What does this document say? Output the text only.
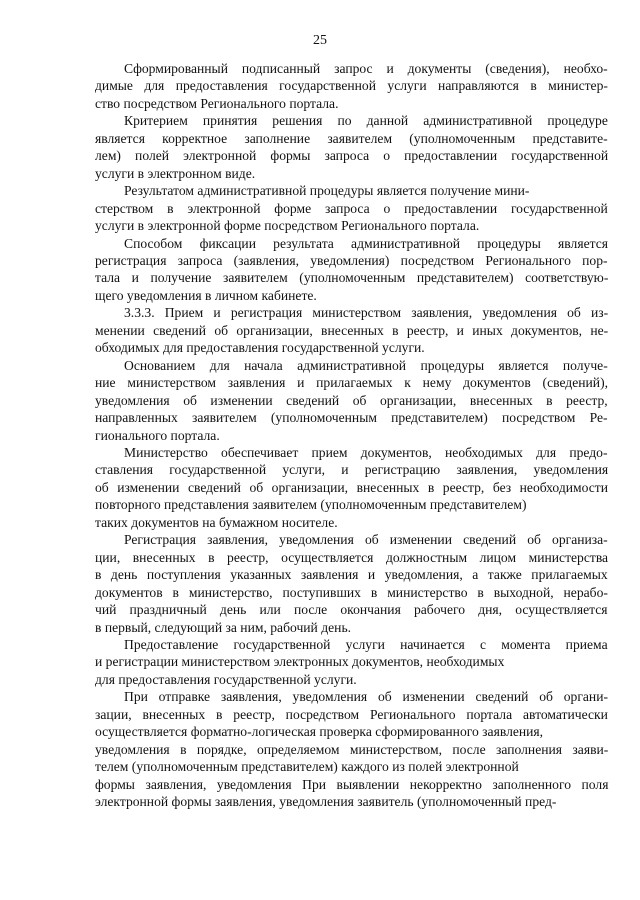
25

Сформированный подписанный запрос и документы (сведения), необхо-
димые для предоставления государственной услуги направляются в министер-
ство посредством Регионального портала.

Критерием принятия решения по данной административной процедуре
является корректное заполнение заявителем (уполномоченным представите-
лем) полей электронной формы запроса о предоставлении государственной
услуги в электронном виде.

Результатом административной процедуры является получение мини-
стерством в электронной форме запроса о предоставлении государственной
услуги в электронной форме посредством Регионального портала.

Способом фиксации результата административной процедуры является
регистрация запроса (заявления, уведомления) посредством Регионального пор-
тала и получение заявителем (уполномоченным представителем) соответствую-
щего уведомления в личном кабинете.

3.3.3. Прием и регистрация министерством заявления, уведомления об из-
менении сведений об организации, внесенных в реестр, и иных документов, не-
обходимых для предоставления государственной услуги.

Основанием для начала административной процедуры является получе-
ние министерством заявления и прилагаемых к нему документов (сведений),
уведомления об изменении сведений об организации, внесенных в реестр,
направленных заявителем (уполномоченным представителем) посредством Ре-
гионального портала.

Министерство обеспечивает прием документов, необходимых для предо-
ставления государственной услуги, и регистрацию заявления, уведомления
об изменении сведений об организации, внесенных в реестр, без необходимости
повторного представления заявителем (уполномоченным представителем)
таких документов на бумажном носителе.

Регистрация заявления, уведомления об изменении сведений об организа-
ции, внесенных в реестр, осуществляется должностным лицом министерства
в день поступления указанных заявления и уведомления, а также прилагаемых
документов в министерство, поступивших в министерство в выходной, нерабо-
чий праздничный день или после окончания рабочего дня, осуществляется
в первый, следующий за ним, рабочий день.

Предоставление государственной услуги начинается с момента приема
и регистрации министерством электронных документов, необходимых
для предоставления государственной услуги.

При отправке заявления, уведомления об изменении сведений об органи-
зации, внесенных в реестр, посредством Регионального портала автоматически
осуществляется форматно-логическая проверка сформированного заявления,
уведомления в порядке, определяемом министерством, после заполнения заяви-
телем (уполномоченным представителем) каждого из полей электронной
формы заявления, уведомления При выявлении некорректно заполненного поля
электронной формы заявления, уведомления заявитель (уполномоченный пред-
